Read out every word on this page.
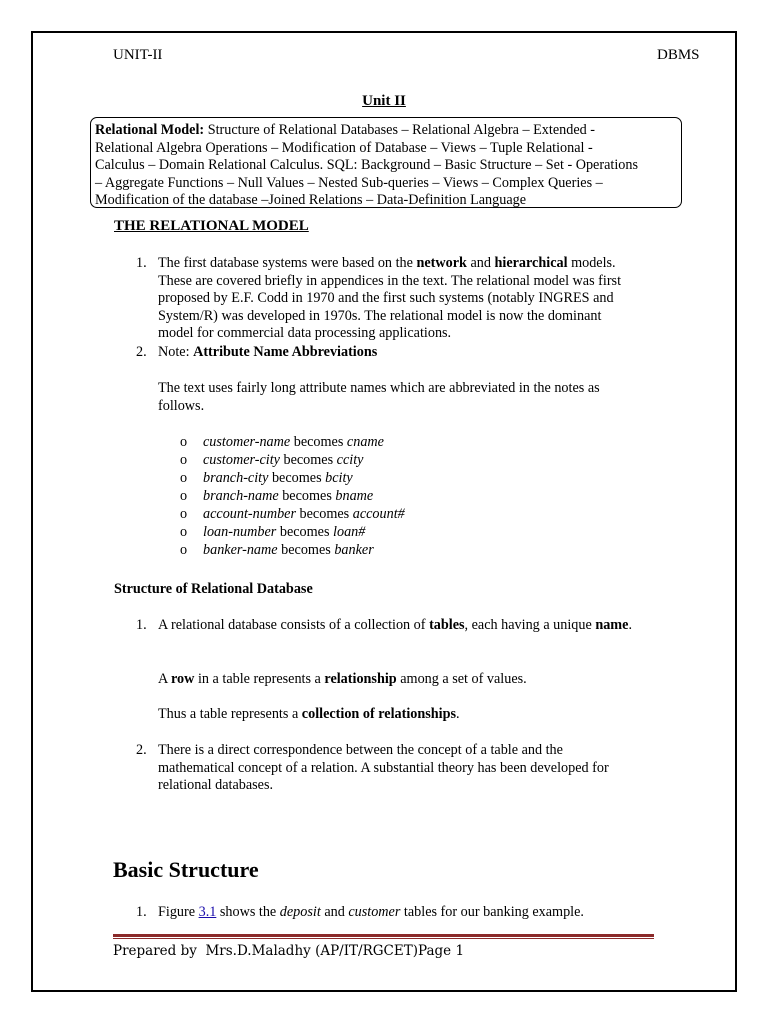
UNIT-II	DBMS
Unit II
Relational Model: Structure of Relational Databases – Relational Algebra – Extended -
Relational Algebra Operations – Modification of Database – Views – Tuple Relational -
Calculus – Domain Relational Calculus. SQL: Background – Basic Structure – Set - Operations
– Aggregate Functions – Null Values – Nested Sub-queries – Views – Complex Queries –
Modification of the database –Joined Relations – Data-Definition Language
THE RELATIONAL MODEL
1. The first database systems were based on the network and hierarchical models. These are covered briefly in appendices in the text. The relational model was first proposed by E.F. Codd in 1970 and the first such systems (notably INGRES and System/R) was developed in 1970s. The relational model is now the dominant model for commercial data processing applications.
2. Note: Attribute Name Abbreviations

The text uses fairly long attribute names which are abbreviated in the notes as follows.

o customer-name becomes cname
o customer-city becomes ccity
o branch-city becomes bcity
o branch-name becomes bname
o account-number becomes account#
o loan-number becomes loan#
o banker-name becomes banker
Structure of Relational Database
1. A relational database consists of a collection of tables, each having a unique name.

A row in a table represents a relationship among a set of values.

Thus a table represents a collection of relationships.

2. There is a direct correspondence between the concept of a table and the mathematical concept of a relation. A substantial theory has been developed for relational databases.
Basic Structure
1. Figure 3.1 shows the deposit and customer tables for our banking example.
Prepared by  Mrs.D.Maladhy (AP/IT/RGCET)Page 1
